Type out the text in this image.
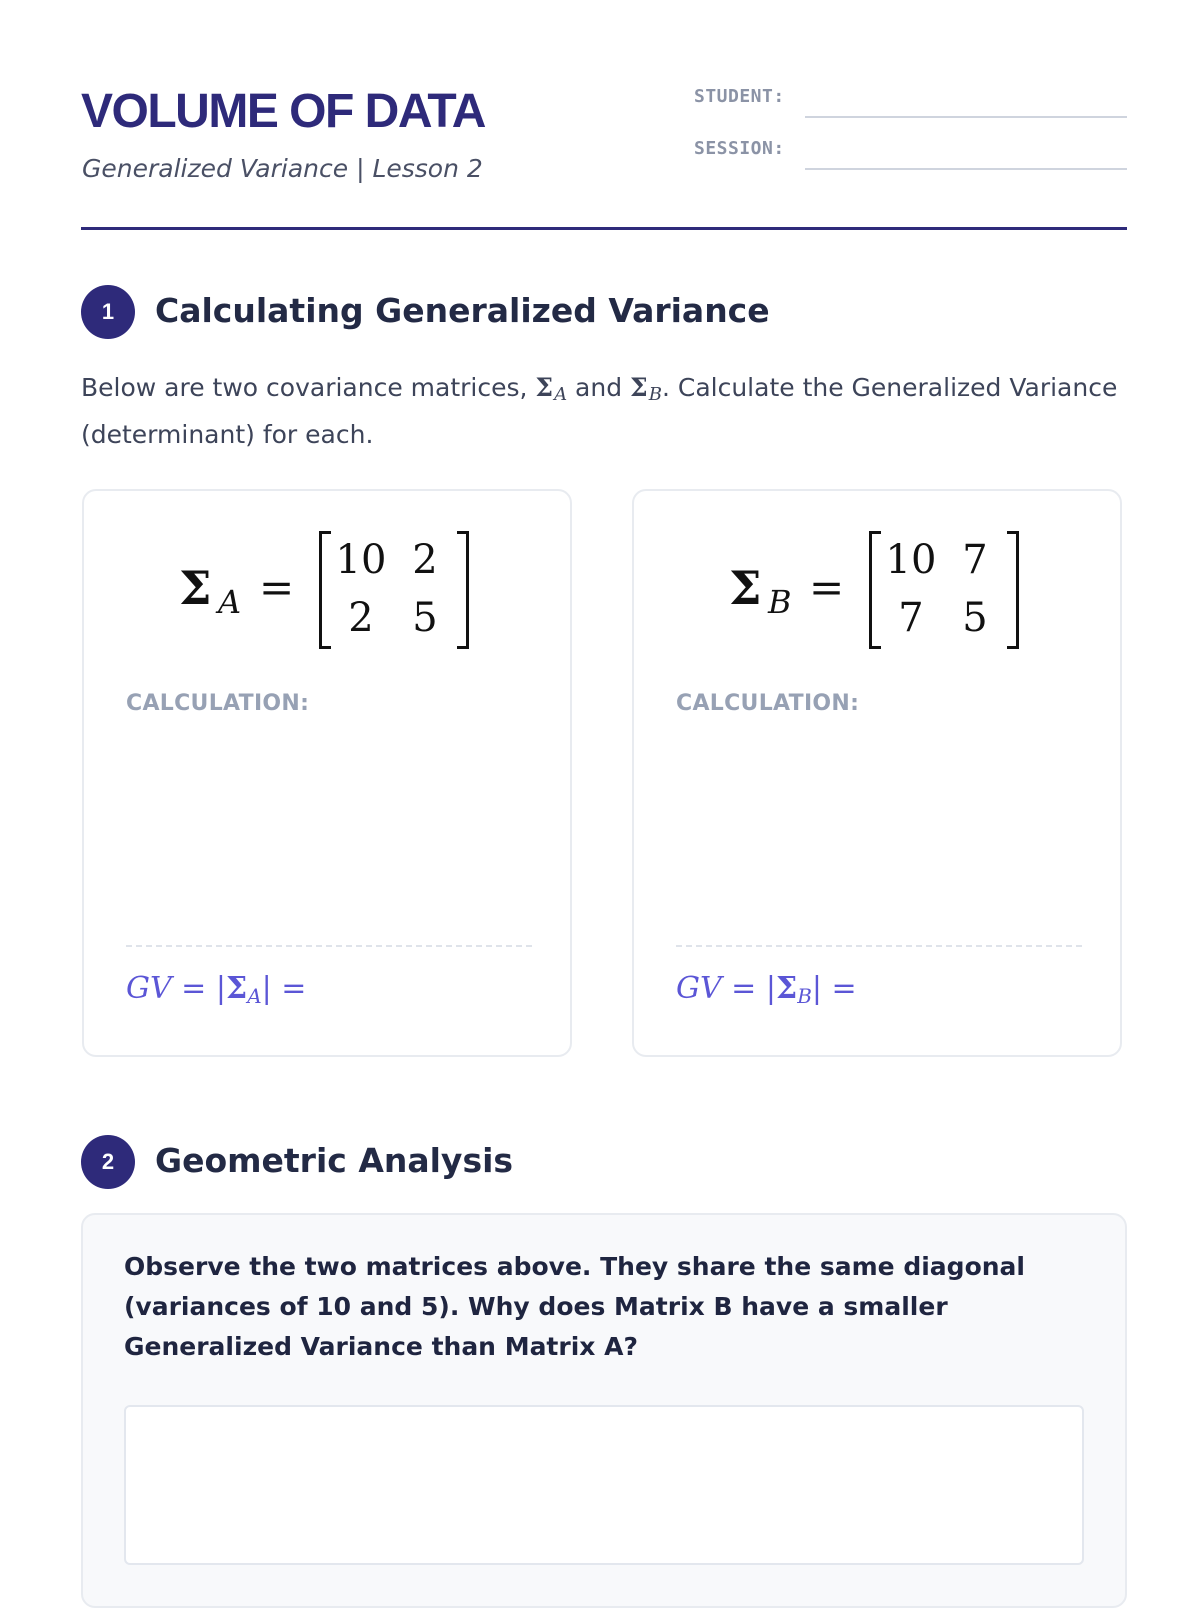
VOLUME OF DATA
Generalized Variance | Lesson 2
STUDENT:
SESSION:
1	Calculating Generalized Variance
Below are two covariance matrices, ΣA and ΣB. Calculate the Generalized Variance (determinant) for each.
Σ A =
10 2
2 5
CALCULATION:
GV = |ΣA| =
Σ B =
10 7
7 5
CALCULATION:
GV = |ΣB| =
2	Geometric Analysis
Observe the two matrices above. They share the same diagonal (variances of 10 and 5). Why does Matrix B have a smaller Generalized Variance than Matrix A?
